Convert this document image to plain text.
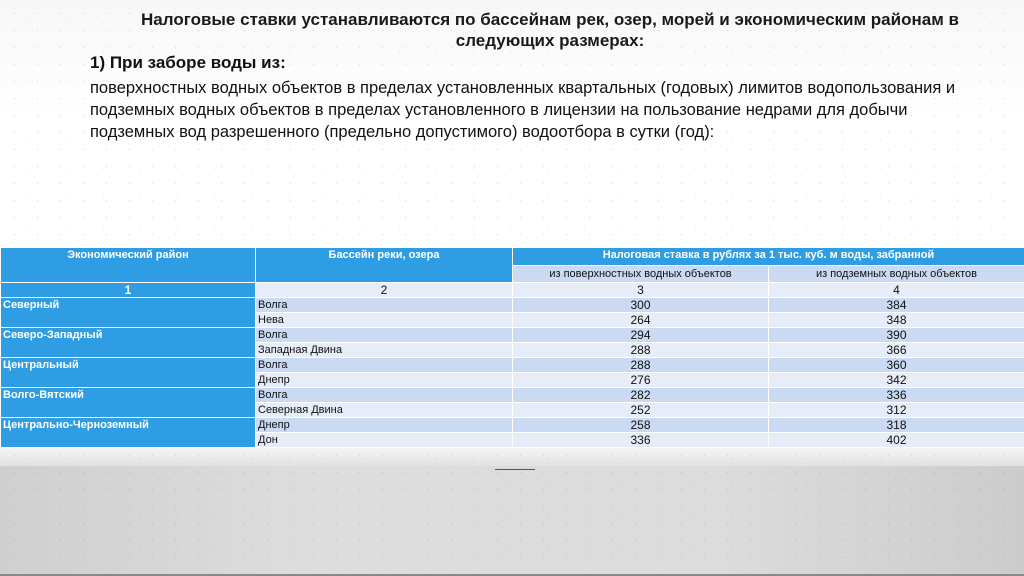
Налоговые ставки устанавливаются по бассейнам рек, озер, морей и экономическим районам в следующих размерах:
1) При заборе воды из:
поверхностных водных объектов в пределах установленных квартальных (годовых) лимитов водопользования и подземных водных объектов в пределах установленного в лицензии на пользование недрами для добычи подземных вод разрешенного (предельно допустимого) водоотбора в сутки (год):
Экономический район	Бассейн реки, озера	Налоговая ставка в рублях за 1 тыс. куб. м воды, забранной	
		из поверхностных водных объектов	из подземных водных объектов
1	2	3	4
Северный	Волга	300	384
	Нева	264	348
Северо-Западный	Волга	294	390
	Западная Двина	288	366
Центральный	Волга	288	360
	Днепр	276	342
Волго-Вятский	Волга	282	336
	Северная Двина	252	312
Центрально-Черноземный	Днепр	258	318
	Дон	336	402
